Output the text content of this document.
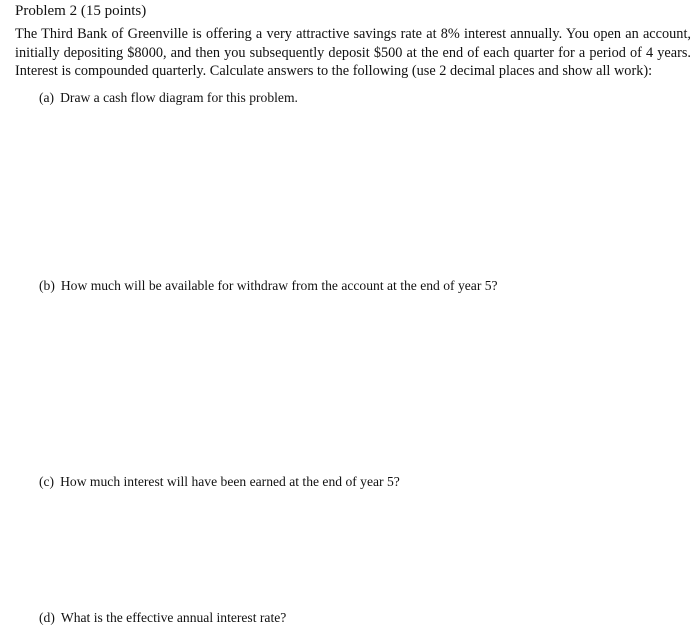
Problem 2 (15 points)
The Third Bank of Greenville is offering a very attractive savings rate at 8% interest annually. You open an account, initially depositing $8000, and then you subsequently deposit $500 at the end of each quarter for a period of 4 years. Interest is compounded quarterly. Calculate answers to the following (use 2 decimal places and show all work):
(a) Draw a cash flow diagram for this problem.
(b) How much will be available for withdraw from the account at the end of year 5?
(c) How much interest will have been earned at the end of year 5?
(d) What is the effective annual interest rate?
